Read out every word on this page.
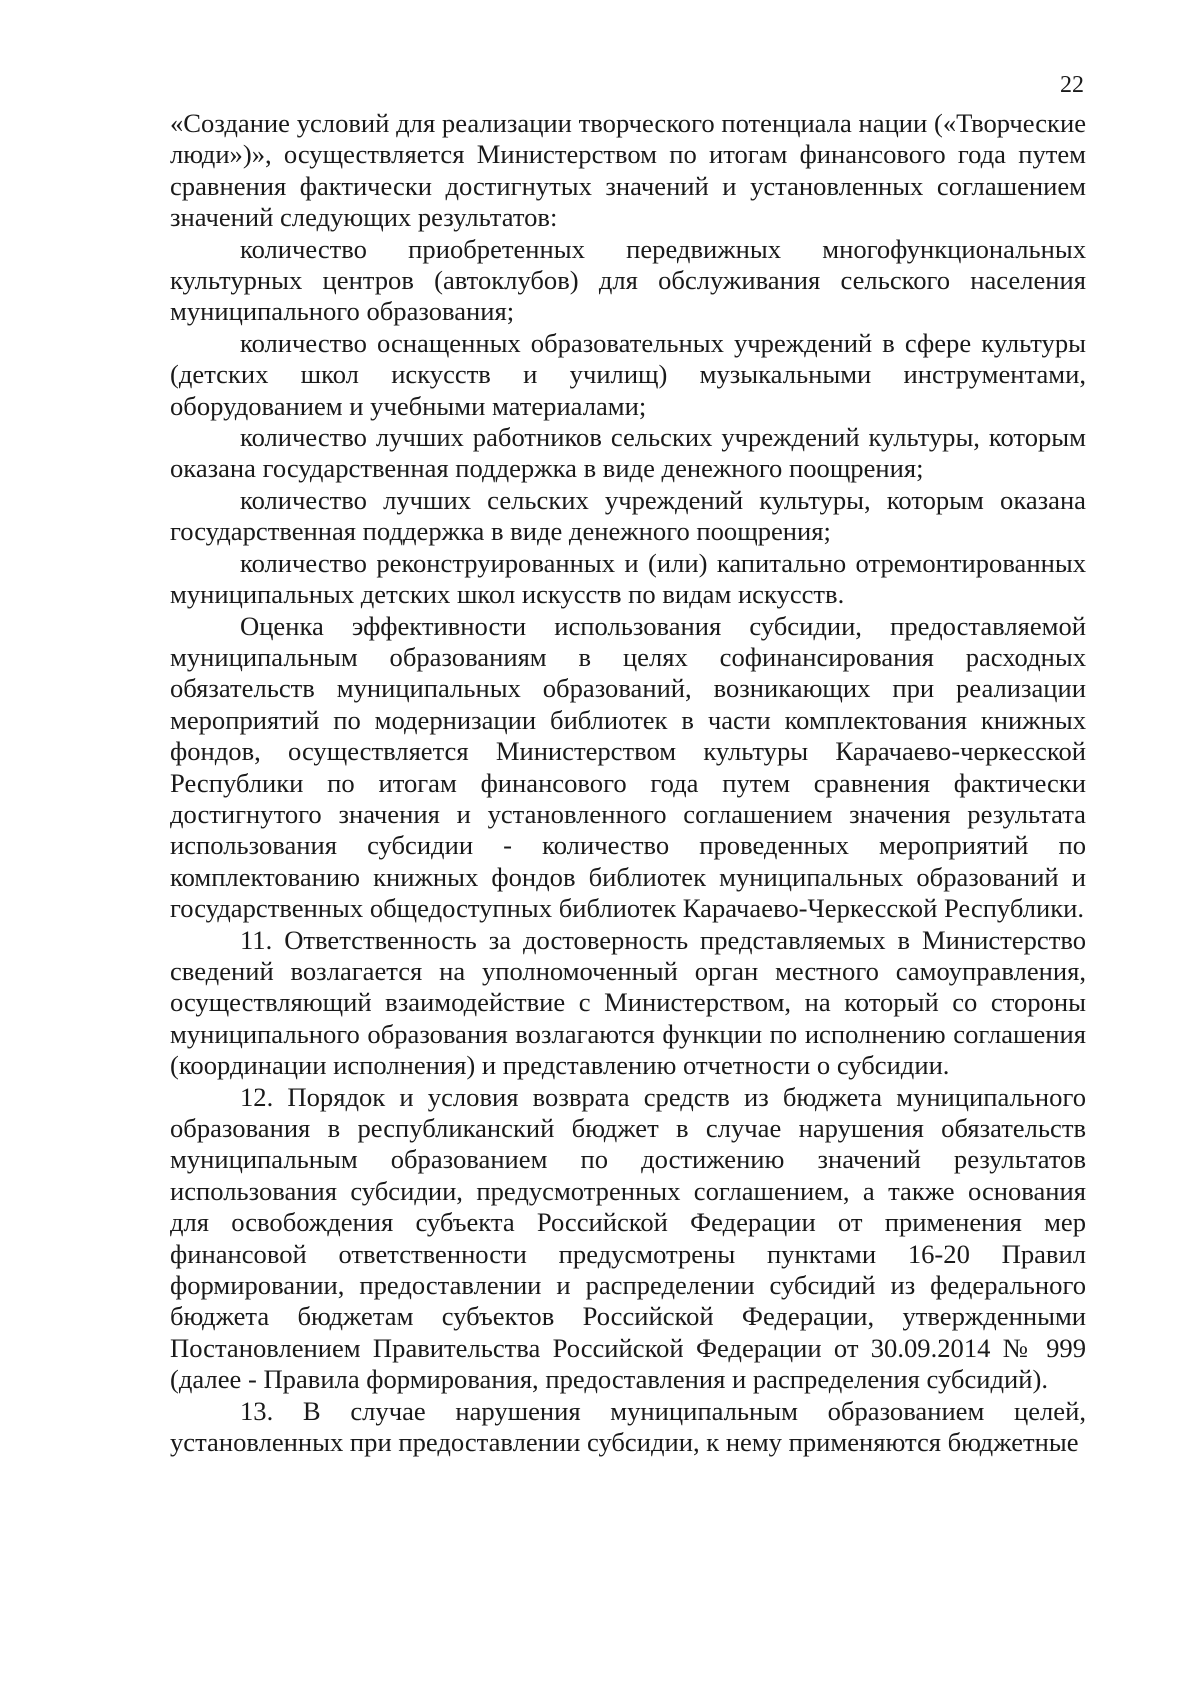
22

«Создание условий для реализации творческого потенциала нации («Творческие люди»)», осуществляется Министерством по итогам финансового года путем сравнения фактически достигнутых значений и установленных соглашением значений следующих результатов:

количество приобретенных передвижных многофункциональных культурных центров (автоклубов) для обслуживания сельского населения муниципального образования;

количество оснащенных образовательных учреждений в сфере культуры (детских школ искусств и училищ) музыкальными инструментами, оборудованием и учебными материалами;

количество лучших работников сельских учреждений культуры, которым оказана государственная поддержка в виде денежного поощрения;

количество лучших сельских учреждений культуры, которым оказана государственная поддержка в виде денежного поощрения;

количество реконструированных и (или) капитально отремонтированных муниципальных детских школ искусств по видам искусств.

Оценка эффективности использования субсидии, предоставляемой муниципальным образованиям в целях софинансирования расходных обязательств муниципальных образований, возникающих при реализации мероприятий по модернизации библиотек в части комплектования книжных фондов, осуществляется Министерством культуры Карачаево-черкесской Республики по итогам финансового года путем сравнения фактически достигнутого значения и установленного соглашением значения результата использования субсидии - количество проведенных мероприятий по комплектованию книжных фондов библиотек муниципальных образований и государственных общедоступных библиотек Карачаево-Черкесской Республики.

11. Ответственность за достоверность представляемых в Министерство сведений возлагается на уполномоченный орган местного самоуправления, осуществляющий взаимодействие с Министерством, на который со стороны муниципального образования возлагаются функции по исполнению соглашения (координации исполнения) и представлению отчетности о субсидии.

12. Порядок и условия возврата средств из бюджета муниципального образования в республиканский бюджет в случае нарушения обязательств муниципальным образованием по достижению значений результатов использования субсидии, предусмотренных соглашением, а также основания для освобождения субъекта Российской Федерации от применения мер финансовой ответственности предусмотрены пунктами 16-20 Правил формировании, предоставлении и распределении субсидий из федерального бюджета бюджетам субъектов Российской Федерации, утвержденными Постановлением Правительства Российской Федерации от 30.09.2014 № 999 (далее - Правила формирования, предоставления и распределения субсидий).

13. В случае нарушения муниципальным образованием целей, установленных при предоставлении субсидии, к нему применяются бюджетные
